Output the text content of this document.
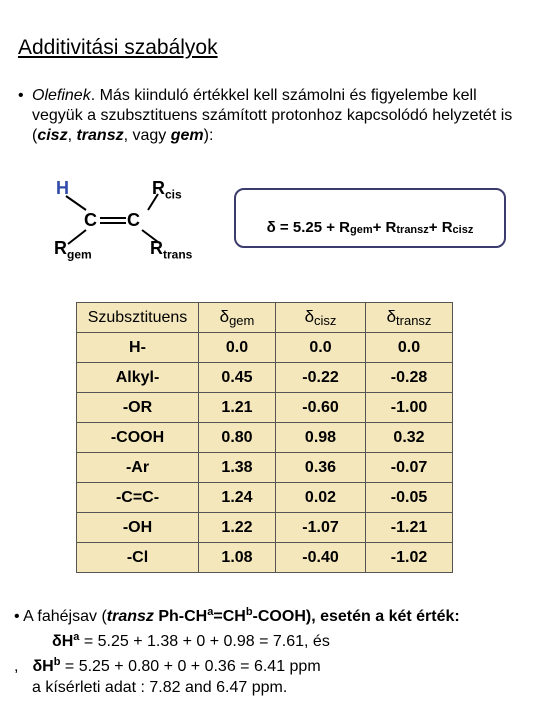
Additivitási szabályok
• Olefinek. Más kiinduló értékkel kell számolni és figyelembe kell vegyük a szubsztituens számított protonhoz kapcsolódó helyzetét is (cisz, transz, vagy gem):
H	$R_{cis}$
C C
$R_{gem}$	$R_{trans}$
δ = 5.25 + R gem + R transz + R cisz
Szubsztituens	δgem	δcisz	δtransz
H-	0.0	0.0	0.0
Alkyl-	0.45	-0.22	-0.28
-OR	1.21	-0.60	-1.00
-COOH	0.80	0.98	0.32
-Ar	1.38	0.36	-0.07
-C=C-	1.24	0.02	-0.05
-OH	1.22	-1.07	-1.21
-Cl	1.08	-0.40	-1.02
• A fahéjsav (transz $Ph-CH^a=CH^b-COOH$), esetén a két érték:
$\delta H^a = 5.25 + 1.38 + 0 + 0.98 = 7.61$, és
, $\delta H^b = 5.25 + 0.80 + 0 + 0.36 = 6.41$ ppm
a kísérleti adat : 7.82 and 6.47 ppm.
